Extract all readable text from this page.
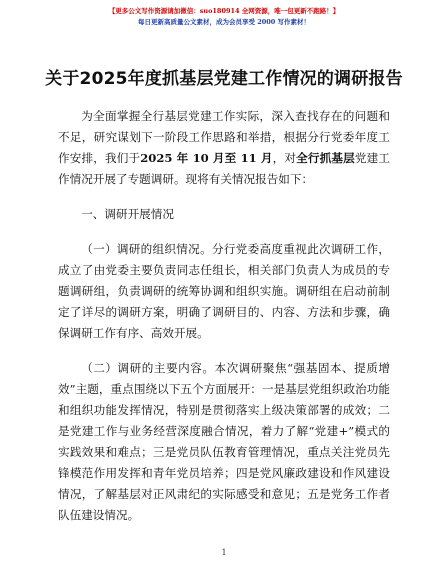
【更多公文写作资源请加微信：suo180914 全网资源，唯一包更新不跑路！】
每日更新高质量公文素材，成为会员享受 2000 写作素材！
关于2025年度抓基层党建工作情况的调研报告

为全面掌握全行基层党建工作实际，深入查找存在的问题和不足，研究谋划下一阶段工作思路和举措，根据分行党委年度工作安排，我们于2025 年 10 月至 11 月，对全行抓基层党建工作情况开展了专题调研。现将有关情况报告如下：

一、调研开展情况

（一）调研的组织情况。分行党委高度重视此次调研工作，成立了由党委主要负责同志任组长，相关部门负责人为成员的专题调研组，负责调研的统筹协调和组织实施。调研组在启动前制定了详尽的调研方案，明确了调研目的、内容、方法和步骤，确保调研工作有序、高效开展。

（二）调研的主要内容。本次调研聚焦“强基固本、提质增效”主题，重点围绕以下五个方面展开：一是基层党组织政治功能和组织功能发挥情况，特别是贯彻落实上级决策部署的成效；二是党建工作与业务经营深度融合情况，着力了解“党建+”模式的实践效果和难点；三是党员队伍教育管理情况，重点关注党员先锋模范作用发挥和青年党员培养；四是党风廉政建设和作风建设情况，了解基层对正风肃纪的实际感受和意见；五是党务工作者队伍建设情况。

1
